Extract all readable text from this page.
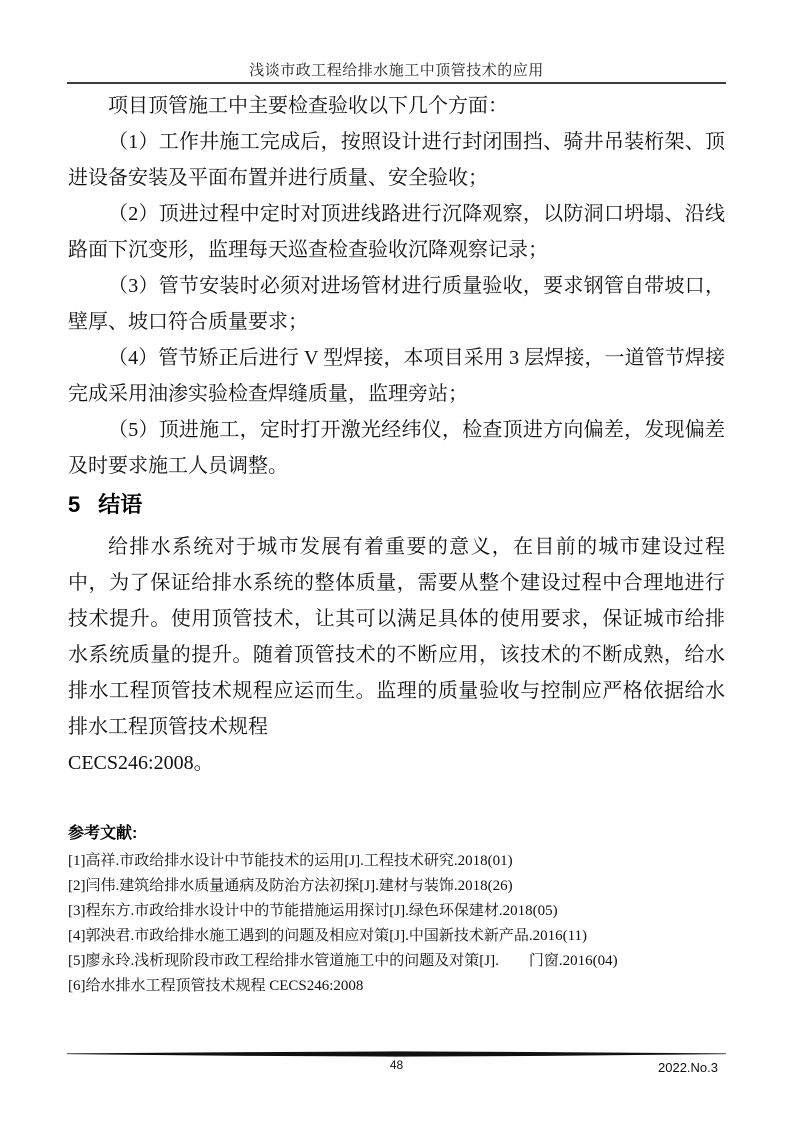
浅谈市政工程给排水施工中顶管技术的应用

项目顶管施工中主要检查验收以下几个方面：

（1）工作井施工完成后，按照设计进行封闭围挡、骑井吊装桁架、顶进设备安装及平面布置并进行质量、安全验收；

（2）顶进过程中定时对顶进线路进行沉降观察，以防洞口坍塌、沿线路面下沉变形，监理每天巡查检查验收沉降观察记录；

（3）管节安装时必须对进场管材进行质量验收，要求钢管自带坡口，壁厚、坡口符合质量要求；

（4）管节矫正后进行 V 型焊接，本项目采用 3 层焊接，一道管节焊接完成采用油渗实验检查焊缝质量，监理旁站；

（5）顶进施工，定时打开激光经纬仪，检查顶进方向偏差，发现偏差及时要求施工人员调整。

5 结语

给排水系统对于城市发展有着重要的意义，在目前的城市建设过程中，为了保证给排水系统的整体质量，需要从整个建设过程中合理地进行技术提升。使用顶管技术，让其可以满足具体的使用要求，保证城市给排水系统质量的提升。随着顶管技术的不断应用，该技术的不断成熟，给水排水工程顶管技术规程应运而生。监理的质量验收与控制应严格依据给水排水工程顶管技术规程

CECS246:2008。

参考文献:
[1]高祥.市政给排水设计中节能技术的运用[J].工程技术研究.2018(01)
[2]闫伟.建筑给排水质量通病及防治方法初探[J].建材与装饰.2018(26)
[3]程东方.市政给排水设计中的节能措施运用探讨[J].绿色环保建材.2018(05)
[4]郭泱君.市政给排水施工遇到的问题及相应对策[J].中国新技术新产品.2016(11)
[5]廖永玲.浅析现阶段市政工程给排水管道施工中的问题及对策[J].　　门窗.2016(04)
[6]给水排水工程顶管技术规程 CECS246:2008
48	2022.No.3
